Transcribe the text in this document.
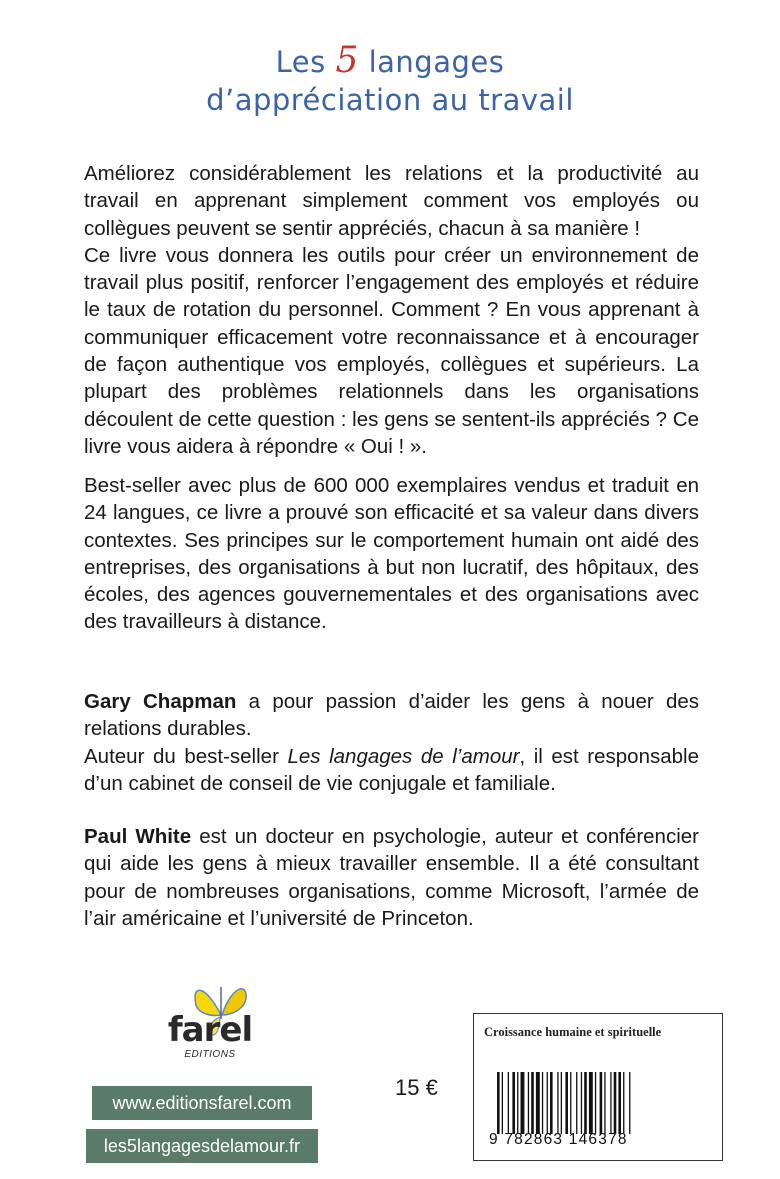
Les 5 langages
d’appréciation au travail

Améliorez considérablement les relations et la productivité au travail en apprenant simplement comment vos employés ou collègues peuvent se sentir appréciés, chacun à sa manière !

Ce livre vous donnera les outils pour créer un environnement de travail plus positif, renforcer l’engagement des employés et réduire le taux de rotation du personnel. Comment ? En vous apprenant à communiquer efficacement votre reconnaissance et à encourager de façon authentique vos employés, collègues et supérieurs. La plupart des problèmes relationnels dans les organisations découlent de cette question : les gens se sentent-ils appréciés ? Ce livre vous aidera à répondre « Oui ! ».

Best-seller avec plus de 600 000 exemplaires vendus et traduit en 24 langues, ce livre a prouvé son efficacité et sa valeur dans divers contextes. Ses principes sur le comportement humain ont aidé des entreprises, des organisations à but non lucratif, des hôpitaux, des écoles, des agences gouvernementales et des organisations avec des travailleurs à distance.

Gary Chapman a pour passion d’aider les gens à nouer des relations durables.

Auteur du best-seller Les langages de l’amour, il est responsable d’un cabinet de conseil de vie conjugale et familiale.

Paul White est un docteur en psychologie, auteur et conférencier qui aide les gens à mieux travailler ensemble. Il a été consultant pour de nombreuses organisations, comme Microsoft, l’armée de l’air américaine et l’université de Princeton.

farel
EDITIONS
www.editionsfarel.com
les5langagesdelamour.fr
15 €
Croissance humaine et spirituelle
9 782863 146378
